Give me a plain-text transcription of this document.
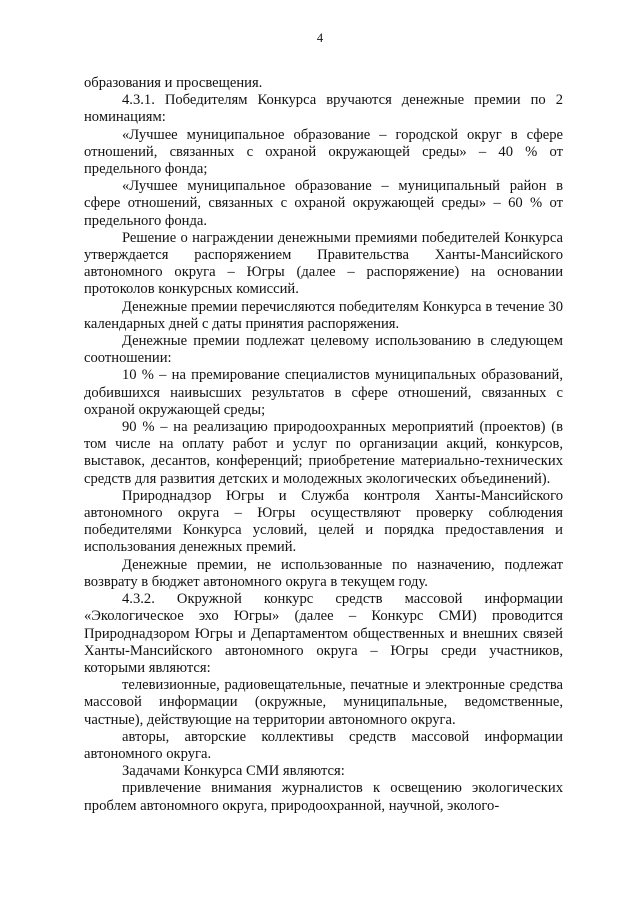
4

образования и просвещения.

4.3.1. Победителям Конкурса вручаются денежные премии по 2 номинациям:

«Лучшее муниципальное образование – городской округ в сфере отношений, связанных с охраной окружающей среды» – 40 % от предельного фонда;

«Лучшее муниципальное образование – муниципальный район в сфере отношений, связанных с охраной окружающей среды» – 60 % от предельного фонда.

Решение о награждении денежными премиями победителей Конкурса утверждается распоряжением Правительства Ханты-Мансийского автономного округа – Югры (далее – распоряжение) на основании протоколов конкурсных комиссий.

Денежные премии перечисляются победителям Конкурса в течение 30 календарных дней с даты принятия распоряжения.

Денежные премии подлежат целевому использованию в следующем соотношении:

10 % – на премирование специалистов муниципальных образований, добившихся наивысших результатов в сфере отношений, связанных с охраной окружающей среды;

90 % – на реализацию природоохранных мероприятий (проектов) (в том числе на оплату работ и услуг по организации акций, конкурсов, выставок, десантов, конференций; приобретение материально-технических средств для развития детских и молодежных экологических объединений).

Природнадзор Югры и Служба контроля Ханты-Мансийского автономного округа – Югры осуществляют проверку соблюдения победителями Конкурса условий, целей и порядка предоставления и использования денежных премий.

Денежные премии, не использованные по назначению, подлежат возврату в бюджет автономного округа в текущем году.

4.3.2. Окружной конкурс средств массовой информации «Экологическое эхо Югры» (далее – Конкурс СМИ) проводится Природнадзором Югры и Департаментом общественных и внешних связей Ханты-Мансийского автономного округа – Югры среди участников, которыми являются:

телевизионные, радиовещательные, печатные и электронные средства массовой информации (окружные, муниципальные, ведомственные, частные), действующие на территории автономного округа.

авторы, авторские коллективы средств массовой информации автономного округа.

Задачами Конкурса СМИ являются:

привлечение внимания журналистов к освещению экологических проблем автономного округа, природоохранной, научной, эколого-
